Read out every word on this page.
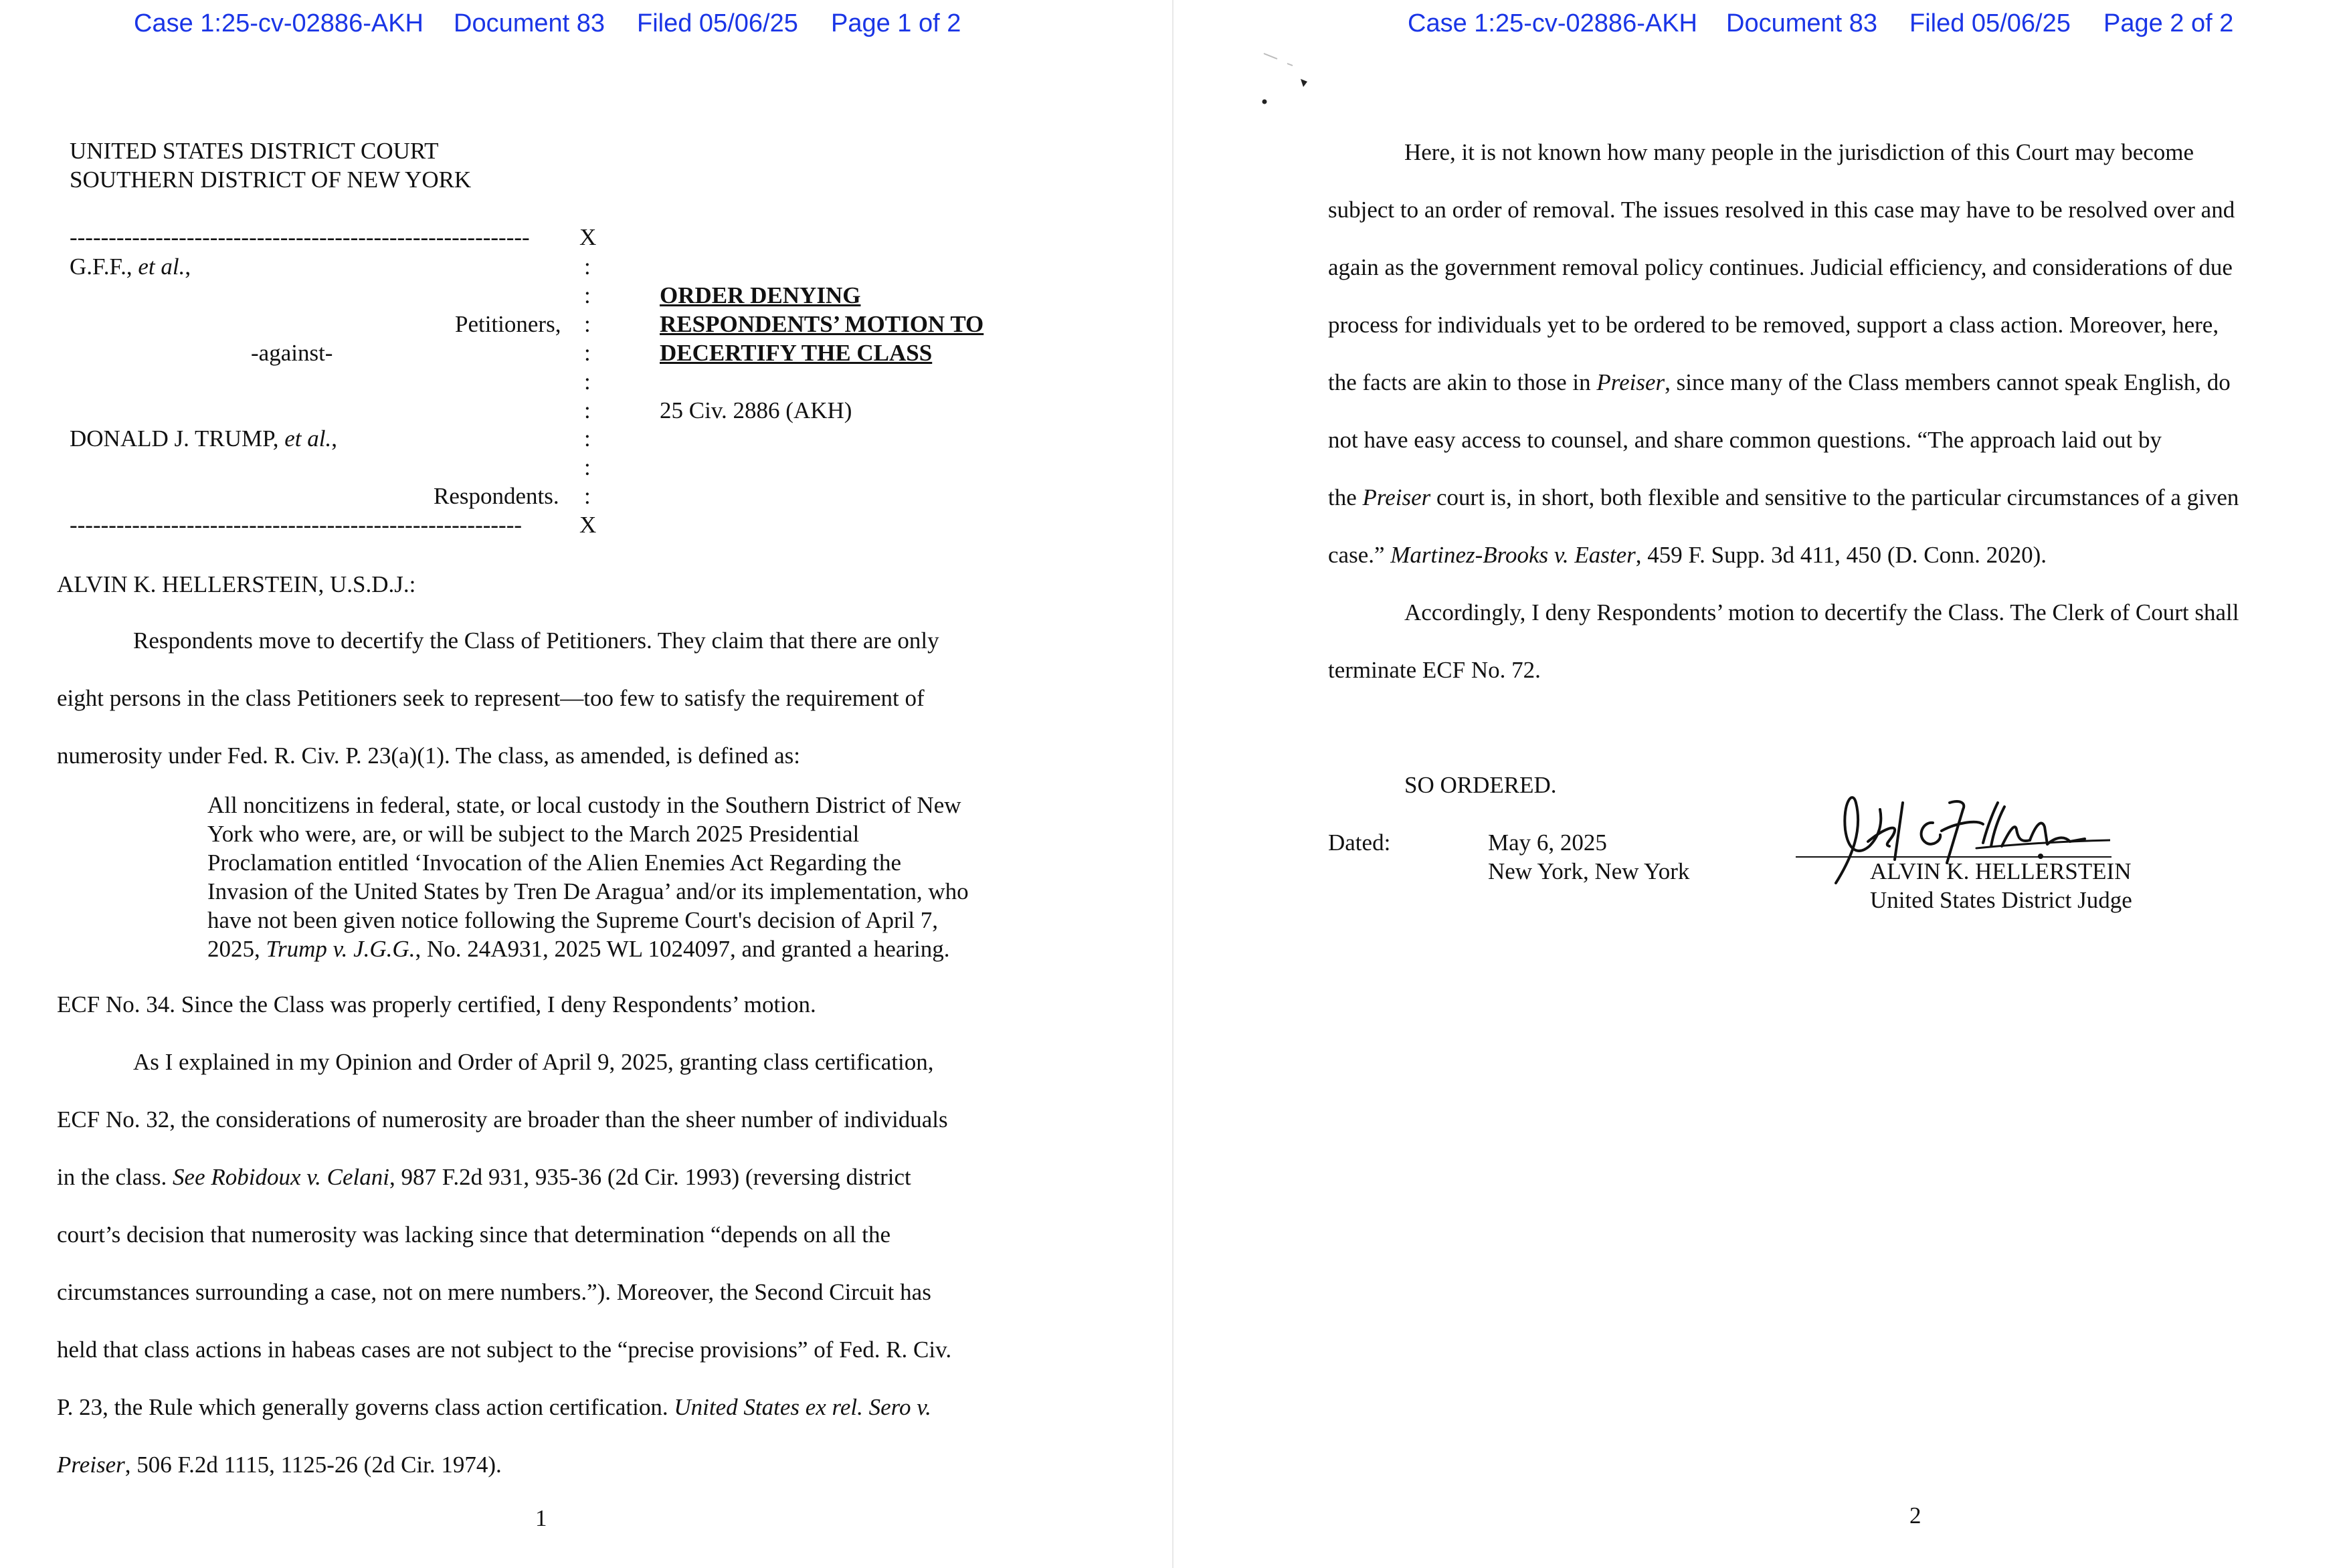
Case 1:25-cv-02886-AKH Document 83 Filed 05/06/25 Page 1 of 2
UNITED STATES DISTRICT COURT
SOUTHERN DISTRICT OF NEW YORK
----------------------------------------------------------- X
G.F.F., et al.,
Petitioners,
-against-
DONALD J. TRUMP, et al.,
Respondents.
---------------------------------------------------------- X
:
:
:
:
:
:
:
:
:
ORDER DENYING
RESPONDENTS’ MOTION TO
DECERTIFY THE CLASS
25 Civ. 2886 (AKH)
ALVIN K. HELLERSTEIN, U.S.D.J.:
Respondents move to decertify the Class of Petitioners. They claim that there are only
eight persons in the class Petitioners seek to represent—too few to satisfy the requirement of
numerosity under Fed. R. Civ. P. 23(a)(1). The class, as amended, is defined as:
All noncitizens in federal, state, or local custody in the Southern District of New
York who were, are, or will be subject to the March 2025 Presidential
Proclamation entitled ‘Invocation of the Alien Enemies Act Regarding the
Invasion of the United States by Tren De Aragua’ and/or its implementation, who
have not been given notice following the Supreme Court's decision of April 7,
2025, Trump v. J.G.G., No. 24A931, 2025 WL 1024097, and granted a hearing.
ECF No. 34. Since the Class was properly certified, I deny Respondents’ motion.
As I explained in my Opinion and Order of April 9, 2025, granting class certification,
ECF No. 32, the considerations of numerosity are broader than the sheer number of individuals
in the class. See Robidoux v. Celani, 987 F.2d 931, 935-36 (2d Cir. 1993) (reversing district
court’s decision that numerosity was lacking since that determination “depends on all the
circumstances surrounding a case, not on mere numbers.”). Moreover, the Second Circuit has
held that class actions in habeas cases are not subject to the “precise provisions” of Fed. R. Civ.
P. 23, the Rule which generally governs class action certification. United States ex rel. Sero v.
Preiser, 506 F.2d 1115, 1125-26 (2d Cir. 1974).
1
Case 1:25-cv-02886-AKH Document 83 Filed 05/06/25 Page 2 of 2
Here, it is not known how many people in the jurisdiction of this Court may become
subject to an order of removal. The issues resolved in this case may have to be resolved over and
again as the government removal policy continues. Judicial efficiency, and considerations of due
process for individuals yet to be ordered to be removed, support a class action. Moreover, here,
the facts are akin to those in Preiser, since many of the Class members cannot speak English, do
not have easy access to counsel, and share common questions. “The approach laid out by
the Preiser court is, in short, both flexible and sensitive to the particular circumstances of a given
case.” Martinez-Brooks v. Easter, 459 F. Supp. 3d 411, 450 (D. Conn. 2020).
Accordingly, I deny Respondents’ motion to decertify the Class. The Clerk of Court shall
terminate ECF No. 72.
SO ORDERED.
Dated:	May 6, 2025
New York, New York	ALVIN K. HELLERSTEIN
United States District Judge
2
